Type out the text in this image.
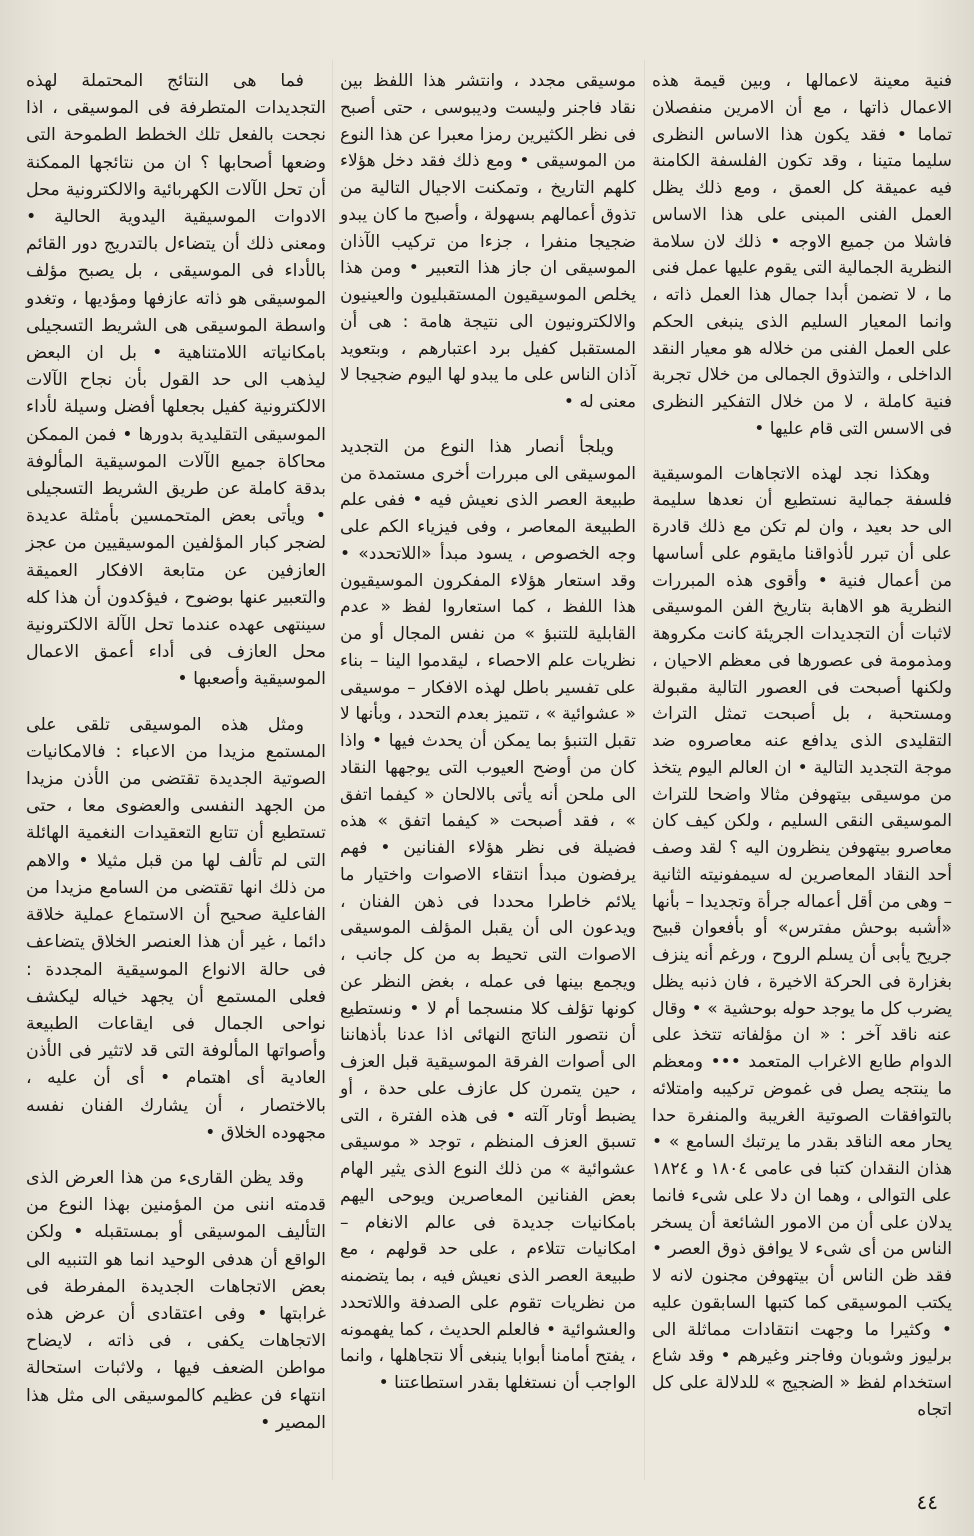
فنية معينة لاعمالها ، وبين قيمة هذه الاعمال ذاتها ، مع أن الامرين منفصلان تماما • فقد يكون هذا الاساس النظرى سليما متينا ، وقد تكون الفلسفة الكامنة فيه عميقة كل العمق ، ومع ذلك يظل العمل الفنى المبنى على هذا الاساس فاشلا من جميع الاوجه • ذلك لان سلامة النظرية الجمالية التى يقوم عليها عمل فنى ما ، لا تضمن أبدا جمال هذا العمل ذاته ، وانما المعيار السليم الذى ينبغى الحكم على العمل الفنى من خلاله هو معيار النقد الداخلى ، والتذوق الجمالى من خلال تجربة فنية كاملة ، لا من خلال التفكير النظرى فى الاسس التى قام عليها •

وهكذا نجد لهذه الاتجاهات الموسيقية فلسفة جمالية نستطيع أن نعدها سليمة الى حد بعيد ، وان لم تكن مع ذلك قادرة على أن تبرر لأذواقنا مايقوم على أساسها من أعمال فنية • وأقوى هذه المبررات النظرية هو الاهابة بتاريخ الفن الموسيقى لاثبات أن التجديدات الجريئة كانت مكروهة ومذمومة فى عصورها فى معظم الاحيان ، ولكنها أصبحت فى العصور التالية مقبولة ومستحبة ، بل أصبحت تمثل التراث التقليدى الذى يدافع عنه معاصروه ضد موجة التجديد التالية • ان العالم اليوم يتخذ من موسيقى بيتهوفن مثالا واضحا للتراث الموسيقى النقى السليم ، ولكن كيف كان معاصرو بيتهوفن ينظرون اليه ؟ لقد وصف أحد النقاد المعاصرين له سيمفونيته الثانية – وهى من أقل أعماله جرأة وتجديدا – بأنها «أشبه بوحش مفترس» أو بأفعوان قبيح جريح يأبى أن يسلم الروح ، ورغم أنه ينزف بغزارة فى الحركة الاخيرة ، فان ذنبه يظل يضرب كل ما يوجد حوله بوحشية » • وقال عنه ناقد آخر : « ان مؤلفاته تتخذ على الدوام طابع الاغراب المتعمد ••• ومعظم ما ينتجه يصل فى غموض تركيبه وامتلائه بالتوافقات الصوتية الغريبة والمنفرة حدا يحار معه الناقد بقدر ما يرتبك السامع » • هذان النقدان كتبا فى عامى ١٨٠٤ و ١٨٢٤ على التوالى ، وهما ان دلا على شىء فانما يدلان على أن من الامور الشائعة أن يسخر الناس من أى شىء لا يوافق ذوق العصر • فقد ظن الناس أن بيتهوفن مجنون لانه لا يكتب الموسيقى كما كتبها السابقون عليه • وكثيرا ما وجهت انتقادات مماثلة الى برليوز وشوبان وفاجنر وغيرهم • وقد شاع استخدام لفظ « الضجيج » للدلالة على كل اتجاه

موسيقى مجدد ، وانتشر هذا اللفظ بين نقاد فاجنر وليست وديبوسى ، حتى أصبح فى نظر الكثيرين رمزا معبرا عن هذا النوع من الموسيقى • ومع ذلك فقد دخل هؤلاء كلهم التاريخ ، وتمكنت الاجيال التالية من تذوق أعمالهم بسهولة ، وأصبح ما كان يبدو ضجيجا منفرا ، جزءا من تركيب الآذان الموسيقى ان جاز هذا التعبير • ومن هذا يخلص الموسيقيون المستقبليون والعينيون والالكترونيون الى نتيجة هامة : هى أن المستقبل كفيل برد اعتبارهم ، وبتعويد آذان الناس على ما يبدو لها اليوم ضجيجا لا معنى له •

ويلجأ أنصار هذا النوع من التجديد الموسيقى الى مبررات أخرى مستمدة من طبيعة العصر الذى نعيش فيه • ففى علم الطبيعة المعاصر ، وفى فيزياء الكم على وجه الخصوص ، يسود مبدأ «اللاتحدد» • وقد استعار هؤلاء المفكرون الموسيقيون هذا اللفظ ، كما استعاروا لفظ « عدم القابلية للتنبؤ » من نفس المجال أو من نظريات علم الاحصاء ، ليقدموا الينا – بناء على تفسير باطل لهذه الافكار – موسيقى « عشوائية » ، تتميز بعدم التحدد ، وبأنها لا تقبل التنبؤ بما يمكن أن يحدث فيها • واذا كان من أوضح العيوب التى يوجهها النقاد الى ملحن أنه يأتى بالالحان « كيفما اتفق » ، فقد أصبحت « كيفما اتفق » هذه فضيلة فى نظر هؤلاء الفنانين • فهم يرفضون مبدأ انتقاء الاصوات واختيار ما يلائم خاطرا محددا فى ذهن الفنان ، ويدعون الى أن يقبل المؤلف الموسيقى الاصوات التى تحيط به من كل جانب ، ويجمع بينها فى عمله ، بغض النظر عن كونها تؤلف كلا منسجما أم لا • ونستطيع أن نتصور الناتج النهائى اذا عدنا بأذهاننا الى أصوات الفرقة الموسيقية قبل العزف ، حين يتمرن كل عازف على حدة ، أو يضبط أوتار آلته • فى هذه الفترة ، التى تسبق العزف المنظم ، توجد « موسيقى عشوائية » من ذلك النوع الذى يثير الهام بعض الفنانين المعاصرين ويوحى اليهم بامكانيات جديدة فى عالم الانغام – امكانيات تتلاءم ، على حد قولهم ، مع طبيعة العصر الذى نعيش فيه ، بما يتضمنه من نظريات تقوم على الصدفة واللاتحدد والعشوائية • فالعلم الحديث ، كما يفهمونه ، يفتح أمامنا أبوابا ينبغى ألا نتجاهلها ، وانما الواجب أن نستغلها بقدر استطاعتنا •

فما هى النتائج المحتملة لهذه التجديدات المتطرفة فى الموسيقى ، اذا نجحت بالفعل تلك الخطط الطموحة التى وضعها أصحابها ؟ ان من نتائجها الممكنة أن تحل الآلات الكهربائية والالكترونية محل الادوات الموسيقية اليدوية الحالية • ومعنى ذلك أن يتضاءل بالتدريج دور القائم بالأداء فى الموسيقى ، بل يصبح مؤلف الموسيقى هو ذاته عازفها ومؤديها ، وتغدو واسطة الموسيقى هى الشريط التسجيلى بامكانياته اللامتناهية • بل ان البعض ليذهب الى حد القول بأن نجاح الآلات الالكترونية كفيل بجعلها أفضل وسيلة لأداء الموسيقى التقليدية بدورها • فمن الممكن محاكاة جميع الآلات الموسيقية المألوفة بدقة كاملة عن طريق الشريط التسجيلى • ويأتى بعض المتحمسين بأمثلة عديدة لضجر كبار المؤلفين الموسيقيين من عجز العازفين عن متابعة الافكار العميقة والتعبير عنها بوضوح ، فيؤكدون أن هذا كله سينتهى عهده عندما تحل الآلة الالكترونية محل العازف فى أداء أعمق الاعمال الموسيقية وأصعبها •

ومثل هذه الموسيقى تلقى على المستمع مزيدا من الاعباء : فالامكانيات الصوتية الجديدة تقتضى من الأذن مزيدا من الجهد النفسى والعضوى معا ، حتى تستطيع أن تتابع التعقيدات النغمية الهائلة التى لم تألف لها من قبل مثيلا • والاهم من ذلك انها تقتضى من السامع مزيدا من الفاعلية صحيح أن الاستماع عملية خلاقة دائما ، غير أن هذا العنصر الخلاق يتضاعف فى حالة الانواع الموسيقية المجددة : فعلى المستمع أن يجهد خياله ليكشف نواحى الجمال فى ايقاعات الطبيعة وأصواتها المألوفة التى قد لاتثير فى الأذن العادية أى اهتمام • أى أن عليه ، بالاختصار ، أن يشارك الفنان نفسه مجهوده الخلاق •

وقد يظن القارىء من هذا العرض الذى قدمته اننى من المؤمنين بهذا النوع من التأليف الموسيقى أو بمستقبله • ولكن الواقع أن هدفى الوحيد انما هو التنبيه الى بعض الاتجاهات الجديدة المفرطة فى غرابتها • وفى اعتقادى أن عرض هذه الاتجاهات يكفى ، فى ذاته ، لايضاح مواطن الضعف فيها ، ولاثبات استحالة انتهاء فن عظيم كالموسيقى الى مثل هذا المصير •

٤٤
